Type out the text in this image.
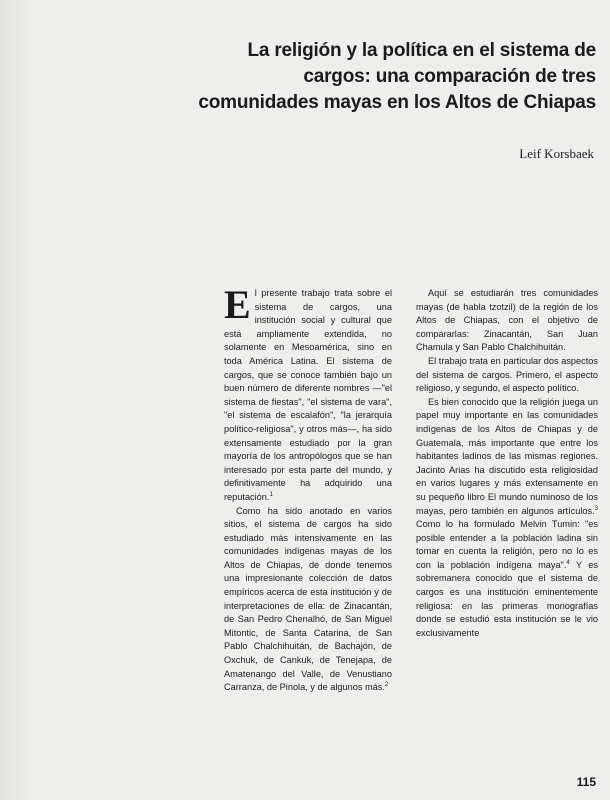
La religión y la política en el sistema de
cargos: una comparación de tres
comunidades mayas en los Altos de Chiapas
Leif Korsbaek

El presente trabajo trata sobre el sistema de cargos, una institución social y cultural que está ampliamente extendida, no solamente en Mesoamérica, sino en toda América Latina. El sistema de cargos, que se conoce también bajo un buen número de diferente nombres —"el sistema de fiestas", "el sistema de vara", "el sistema de escalafón", "la jerarquía político-religiosa", y otros más—, ha sido extensamente estudiado por la gran mayoría de los antropólogos que se han interesado por esta parte del mundo, y definitivamente ha adquirido una reputación.$^1$

Como ha sido anotado en varios sitios, el sistema de cargos ha sido estudiado más intensivamente en las comunidades indígenas mayas de los Altos de Chiapas, de donde tenemos una impresionante colección de datos empíricos acerca de esta institución y de interpretaciones de ella: de Zinacantán, de San Pedro Chenalhó, de San Miguel Mitontic, de Santa Catarina, de San Pablo Chalchihuitán, de Bachajón, de Oxchuk, de Cankuk, de Tenejapa, de Amatenango del Valle, de Venustiano Carranza, de Pinola, y de algunos más.$^2$

Aquí se estudiarán tres comunidades mayas (de habla tzotzil) de la región de los Altos de Chiapas, con el objetivo de compararlas: Zinacantán, San Juan Chamula y San Pablo Chalchihuitán.

El trabajo trata en particular dos aspectos del sistema de cargos. Primero, el aspecto religioso, y segundo, el aspecto político.

Es bien conocido que la religión juega un papel muy importante en las comunidades indígenas de los Altos de Chiapas y de Guatemala, más importante que entre los habitantes ladinos de las mismas regiones. Jacinto Arias ha discutido esta religiosidad en varios lugares y más extensamente en su pequeño libro El mundo numinoso de los mayas, pero también en algunos artículos.$^3$ Como lo ha formulado Melvin Tumin: "es posible entender a la población ladina sin tomar en cuenta la religión, pero no lo es con la población indígena maya".$^4$ Y es sobremanera conocido que el sistema de cargos es una institución eminentemente religiosa: en las primeras monografías donde se estudió esta institución se le vio exclusivamente

115
